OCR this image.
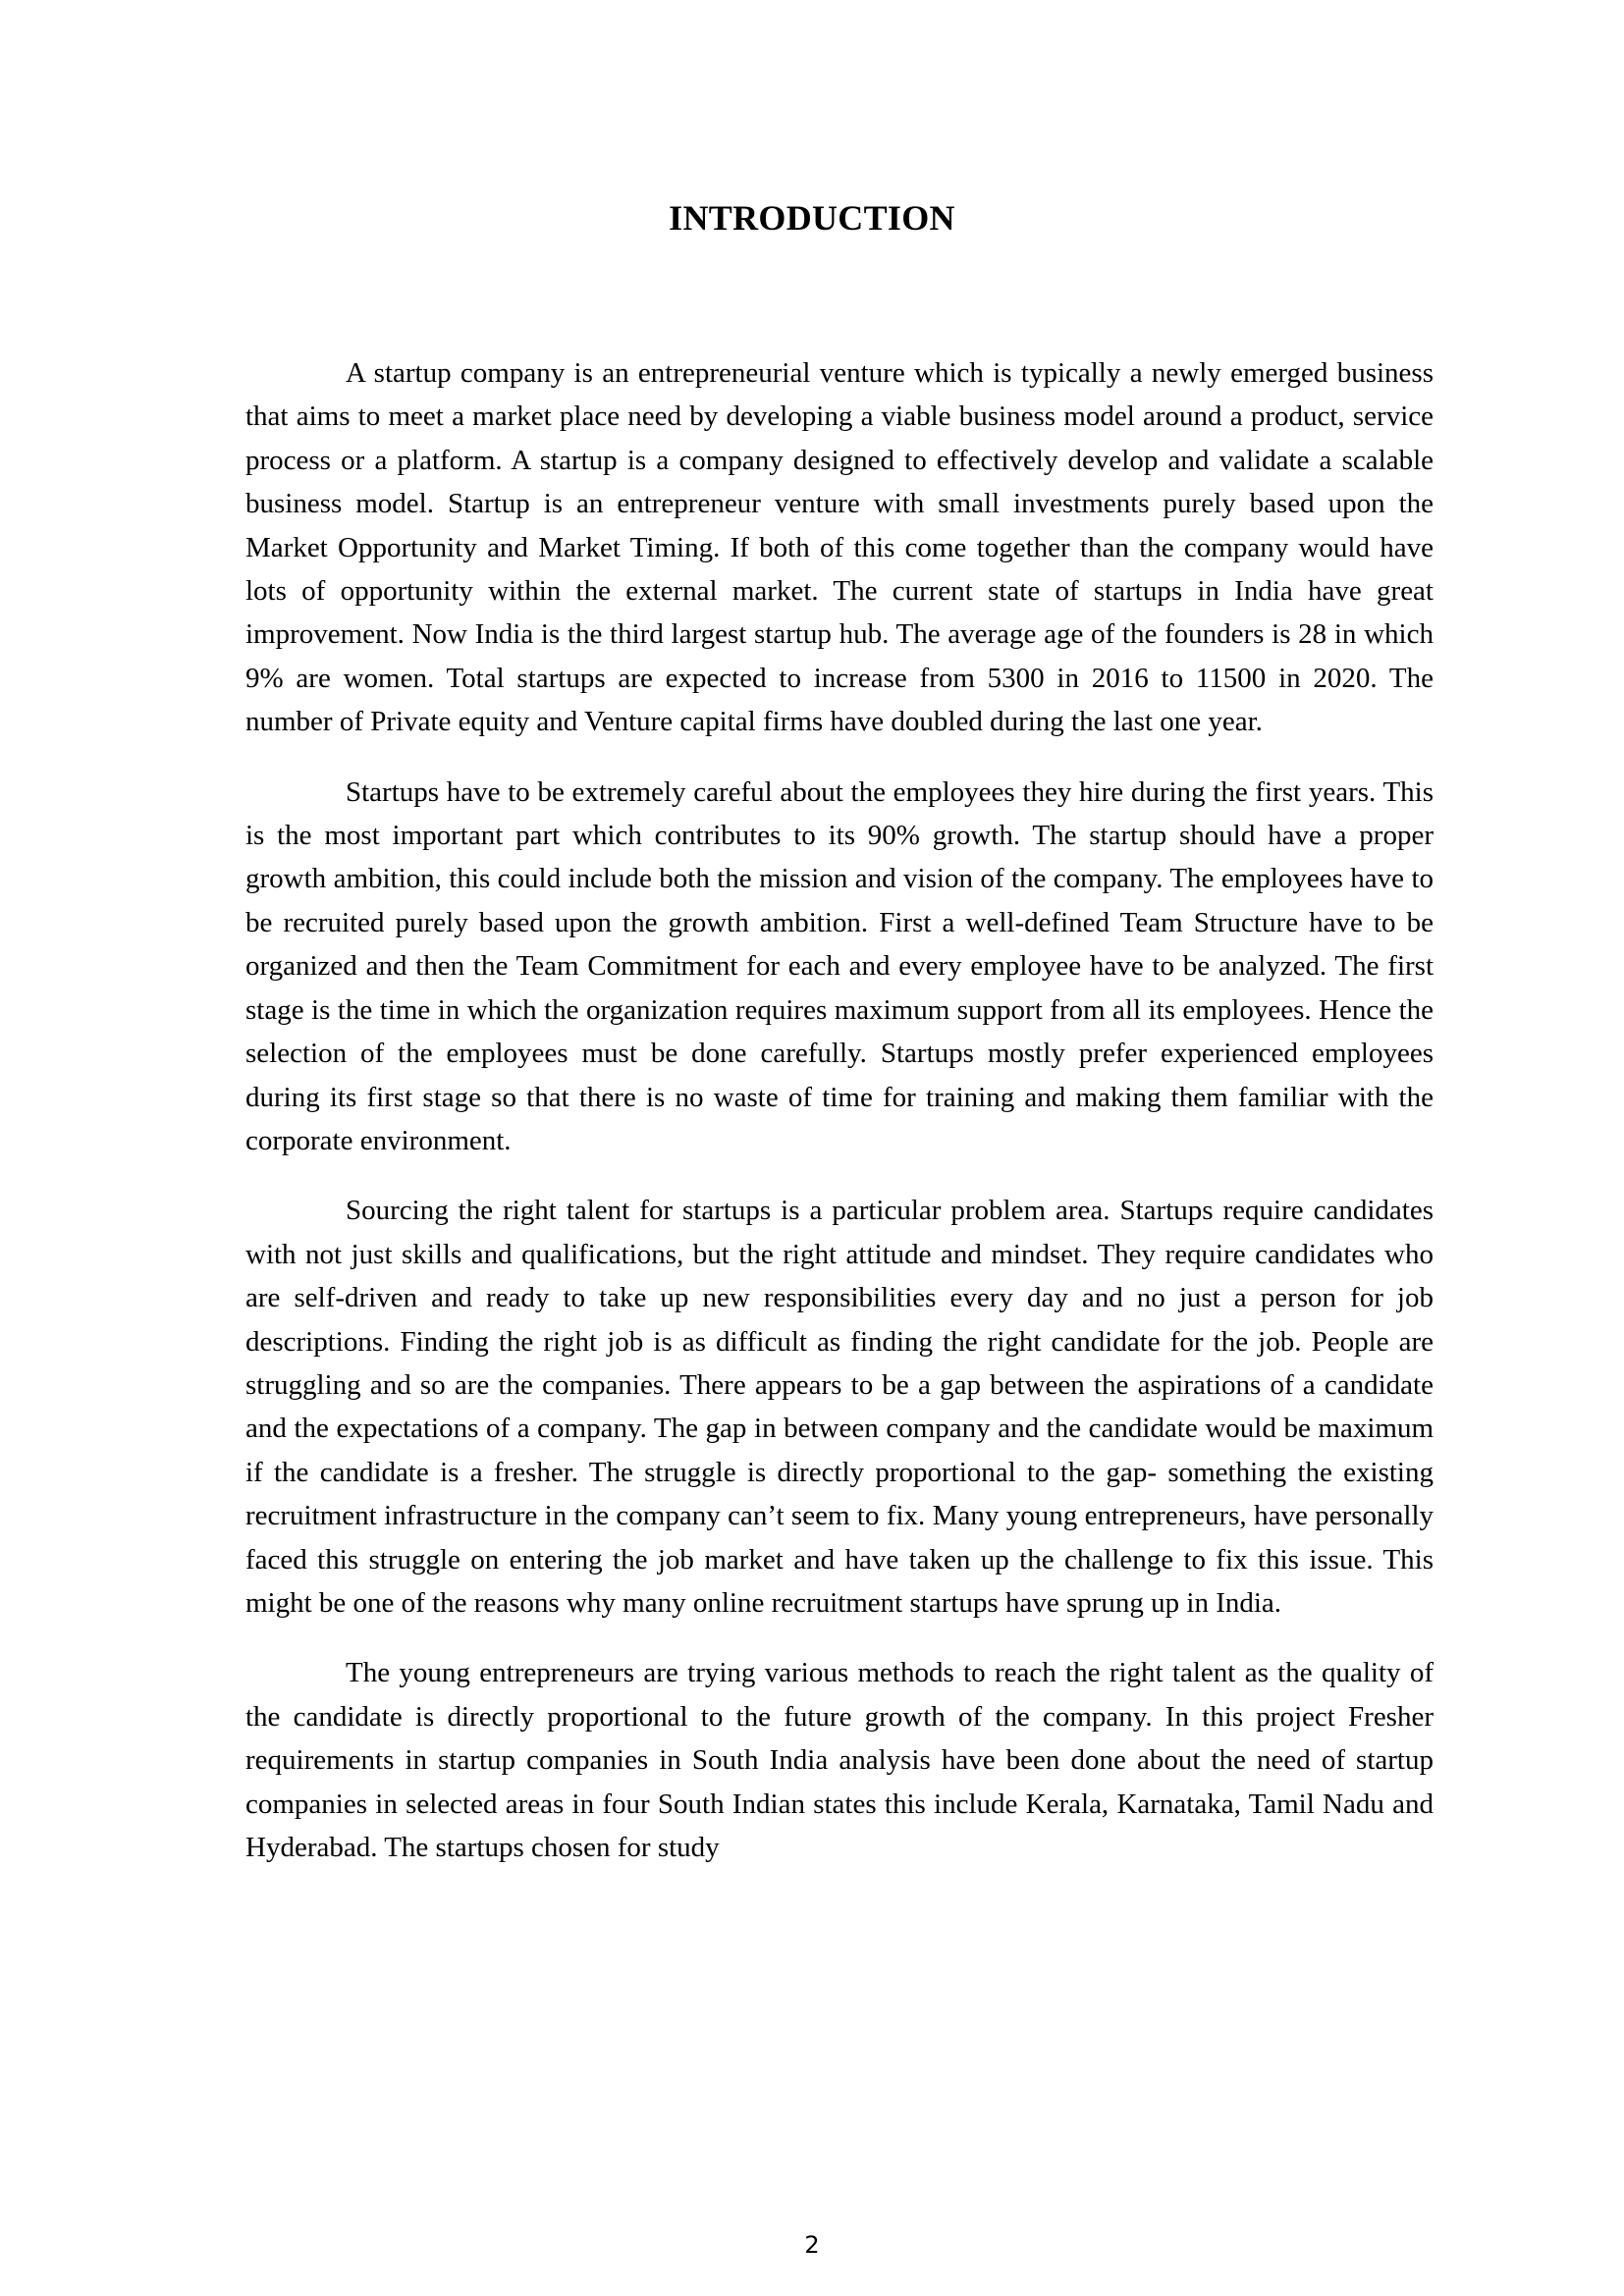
INTRODUCTION

A startup company is an entrepreneurial venture which is typically a newly emerged business that aims to meet a market place need by developing a viable business model around a product, service process or a platform. A startup is a company designed to effectively develop and validate a scalable business model. Startup is an entrepreneur venture with small investments purely based upon the Market Opportunity and Market Timing. If both of this come together than the company would have lots of opportunity within the external market. The current state of startups in India have great improvement. Now India is the third largest startup hub. The average age of the founders is 28 in which 9% are women. Total startups are expected to increase from 5300 in 2016 to 11500 in 2020. The number of Private equity and Venture capital firms have doubled during the last one year.

Startups have to be extremely careful about the employees they hire during the first years. This is the most important part which contributes to its 90% growth. The startup should have a proper growth ambition, this could include both the mission and vision of the company. The employees have to be recruited purely based upon the growth ambition. First a well-defined Team Structure have to be organized and then the Team Commitment for each and every employee have to be analyzed. The first stage is the time in which the organization requires maximum support from all its employees. Hence the selection of the employees must be done carefully. Startups mostly prefer experienced employees during its first stage so that there is no waste of time for training and making them familiar with the corporate environment.

Sourcing the right talent for startups is a particular problem area. Startups require candidates with not just skills and qualifications, but the right attitude and mindset. They require candidates who are self-driven and ready to take up new responsibilities every day and no just a person for job descriptions. Finding the right job is as difficult as finding the right candidate for the job. People are struggling and so are the companies. There appears to be a gap between the aspirations of a candidate and the expectations of a company. The gap in between company and the candidate would be maximum if the candidate is a fresher. The struggle is directly proportional to the gap- something the existing recruitment infrastructure in the company can’t seem to fix. Many young entrepreneurs, have personally faced this struggle on entering the job market and have taken up the challenge to fix this issue. This might be one of the reasons why many online recruitment startups have sprung up in India.

The young entrepreneurs are trying various methods to reach the right talent as the quality of the candidate is directly proportional to the future growth of the company. In this project Fresher requirements in startup companies in South India analysis have been done about the need of startup companies in selected areas in four South Indian states this include Kerala, Karnataka, Tamil Nadu and Hyderabad. The startups chosen for study

2
